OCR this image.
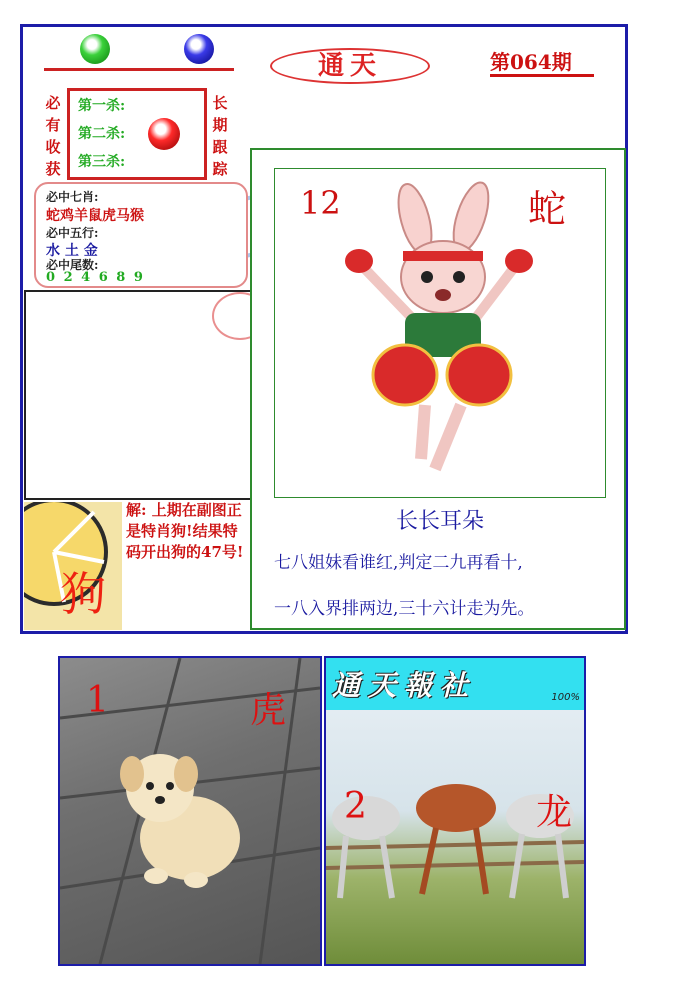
通天	第064期
必
有
收
获
长
期
跟
踪
第一杀:
第二杀:
第三杀:
必中七肖:
蛇鸡羊鼠虎马猴
必中五行:
水 土 金
必中尾数:
0 2 4 6 8 9
狗
解: 上期在副图正是特肖狗!结果特码开出狗的47号!
12	蛇
长长耳朵
七八姐妹看谁红,判定二九再看十,
一八入界排两边,三十六计走为先。
1	虎
通天報社	100%
2	龙
